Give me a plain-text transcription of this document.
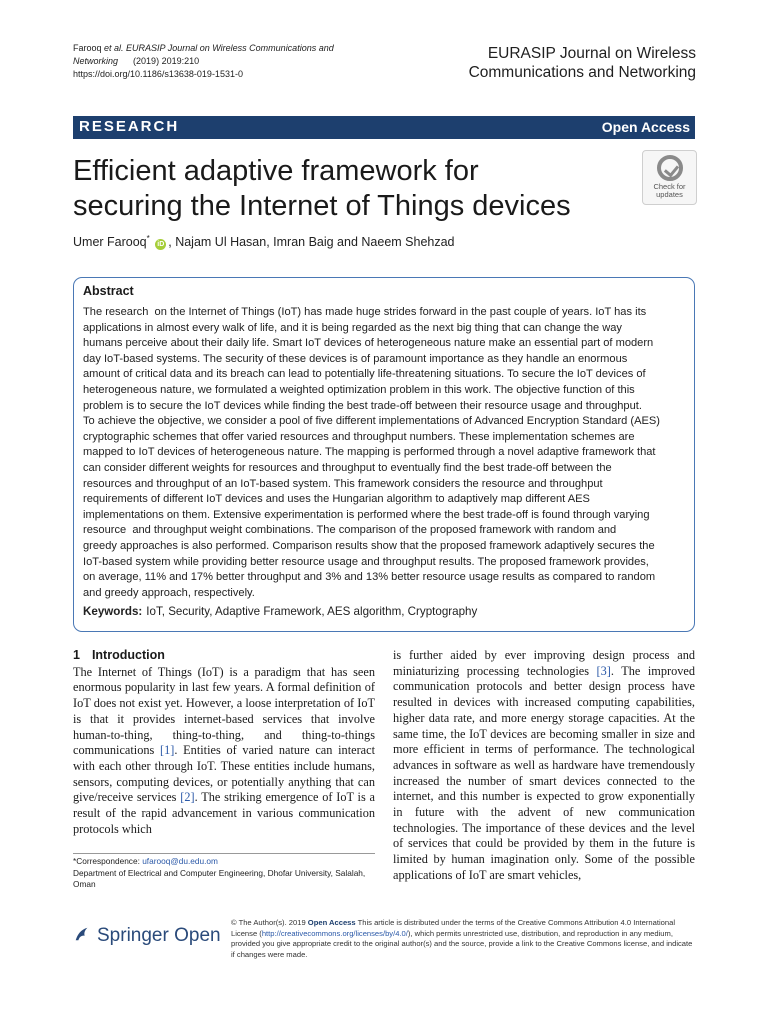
Farooq et al. EURASIP Journal on Wireless Communications and
Networking (2019) 2019:210
https://doi.org/10.1186/s13638-019-1531-0
EURASIP Journal on Wireless
Communications and Networking
RESEARCH	Open Access
Efficient adaptive framework for
securing the Internet of Things devices
Check for
updates
Umer Farooq* iD , Najam Ul Hasan, Imran Baig and Naeem Shehzad
Abstract
The research  on the Internet of Things (IoT) has made huge strides forward in the past couple of years. IoT has its
applications in almost every walk of life, and it is being regarded as the next big thing that can change the way
humans perceive about their daily life. Smart IoT devices of heterogeneous nature make an essential part of modern
day IoT-based systems. The security of these devices is of paramount importance as they handle an enormous
amount of critical data and its breach can lead to potentially life-threatening situations. To secure the IoT devices of
heterogeneous nature, we formulated a weighted optimization problem in this work. The objective function of this
problem is to secure the IoT devices while finding the best trade-off between their resource usage and throughput.
To achieve the objective, we consider a pool of five different implementations of Advanced Encryption Standard (AES)
cryptographic schemes that offer varied resources and throughput numbers. These implementation schemes are
mapped to IoT devices of heterogeneous nature. The mapping is performed through a novel adaptive framework that
can consider different weights for resources and throughput to eventually find the best trade-off between the
resources and throughput of an IoT-based system. This framework considers the resource and throughput
requirements of different IoT devices and uses the Hungarian algorithm to adaptively map different AES
implementations on them. Extensive experimentation is performed where the best trade-off is found through varying
resource  and throughput weight combinations. The comparison of the proposed framework with random and
greedy approaches is also performed. Comparison results show that the proposed framework adaptively secures the
IoT-based system while providing better resource usage and throughput results. The proposed framework provides,
on average, 11% and 17% better throughput and 3% and 13% better resource usage results as compared to random
and greedy approach, respectively.
Keywords: IoT, Security, Adaptive Framework, AES algorithm, Cryptography
1 Introduction
The Internet of Things (IoT) is a paradigm that has seen enormous popularity in last few years. A formal definition of IoT does not exist yet. However, a loose interpretation of IoT is that it provides internet-based services that involve human-to-thing, thing-to-thing, and thing-to-things communications [1]. Entities of varied nature can interact with each other through IoT. These entities include humans, sensors, computing devices, or potentially anything that can give/receive services [2]. The striking emergence of IoT is a result of the rapid advancement in various communication protocols which
is further aided by ever improving design process and miniaturizing processing technologies [3]. The improved communication protocols and better design process have resulted in devices with increased computing capabilities, higher data rate, and more energy storage capacities. At the same time, the IoT devices are becoming smaller in size and more efficient in terms of performance. The technological advances in software as well as hardware have tremendously increased the number of smart devices connected to the internet, and this number is expected to grow exponentially in future with the advent of new communication technologies. The importance of these devices and the level of services that could be provided by them in the future is limited by human imagination only. Some of the possible applications of IoT are smart vehicles,
*Correspondence: ufarooq@du.edu.om
Department of Electrical and Computer Engineering, Dhofar University, Salalah, Oman
Springer Open
© The Author(s). 2019 Open Access This article is distributed under the terms of the Creative Commons Attribution 4.0 International License (http://creativecommons.org/licenses/by/4.0/), which permits unrestricted use, distribution, and reproduction in any medium, provided you give appropriate credit to the original author(s) and the source, provide a link to the Creative Commons license, and indicate if changes were made.
